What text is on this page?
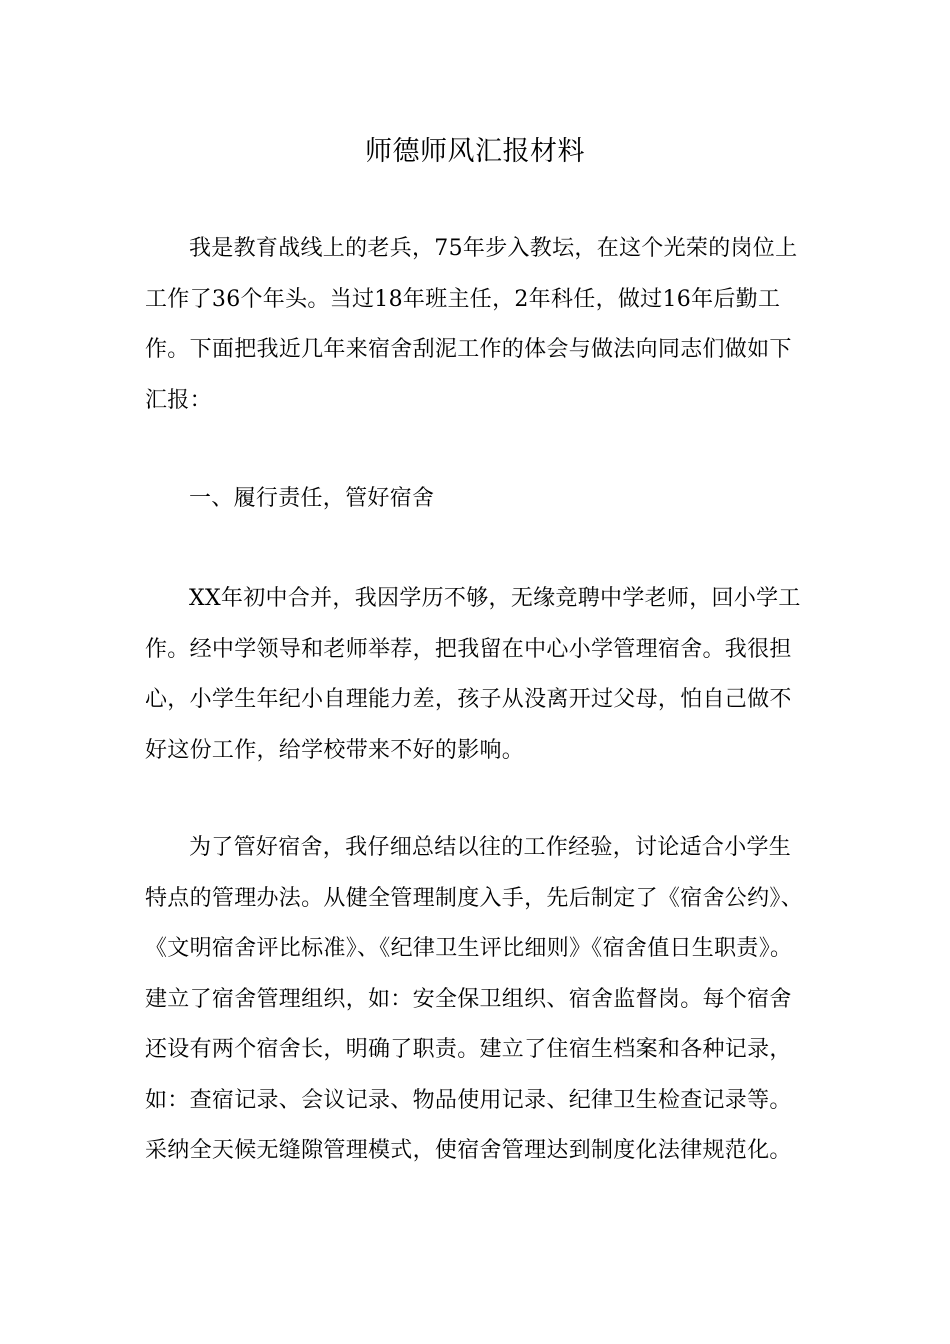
师德师风汇报材料

我是教育战线上的老兵，75年步入教坛，在这个光荣的岗位上工作了36个年头。当过18年班主任，2年科任，做过16年后勤工作。下面把我近几年来宿舍刮泥工作的体会与做法向同志们做如下汇报：

一、履行责任，管好宿舍

XX年初中合并，我因学历不够，无缘竞聘中学老师，回小学工作。经中学领导和老师举荐，把我留在中心小学管理宿舍。我很担心，小学生年纪小自理能力差，孩子从没离开过父母，怕自己做不好这份工作，给学校带来不好的影响。

为了管好宿舍，我仔细总结以往的工作经验，讨论适合小学生特点的管理办法。从健全管理制度入手，先后制定了《宿舍公约》、《文明宿舍评比标准》、《纪律卫生评比细则》《宿舍值日生职责》。建立了宿舍管理组织，如：安全保卫组织、宿舍监督岗。每个宿舍还设有两个宿舍长，明确了职责。建立了住宿生档案和各种记录，如：查宿记录、会议记录、物品使用记录、纪律卫生检查记录等。采纳全天候无缝隙管理模式，使宿舍管理达到制度化法律规范化。
